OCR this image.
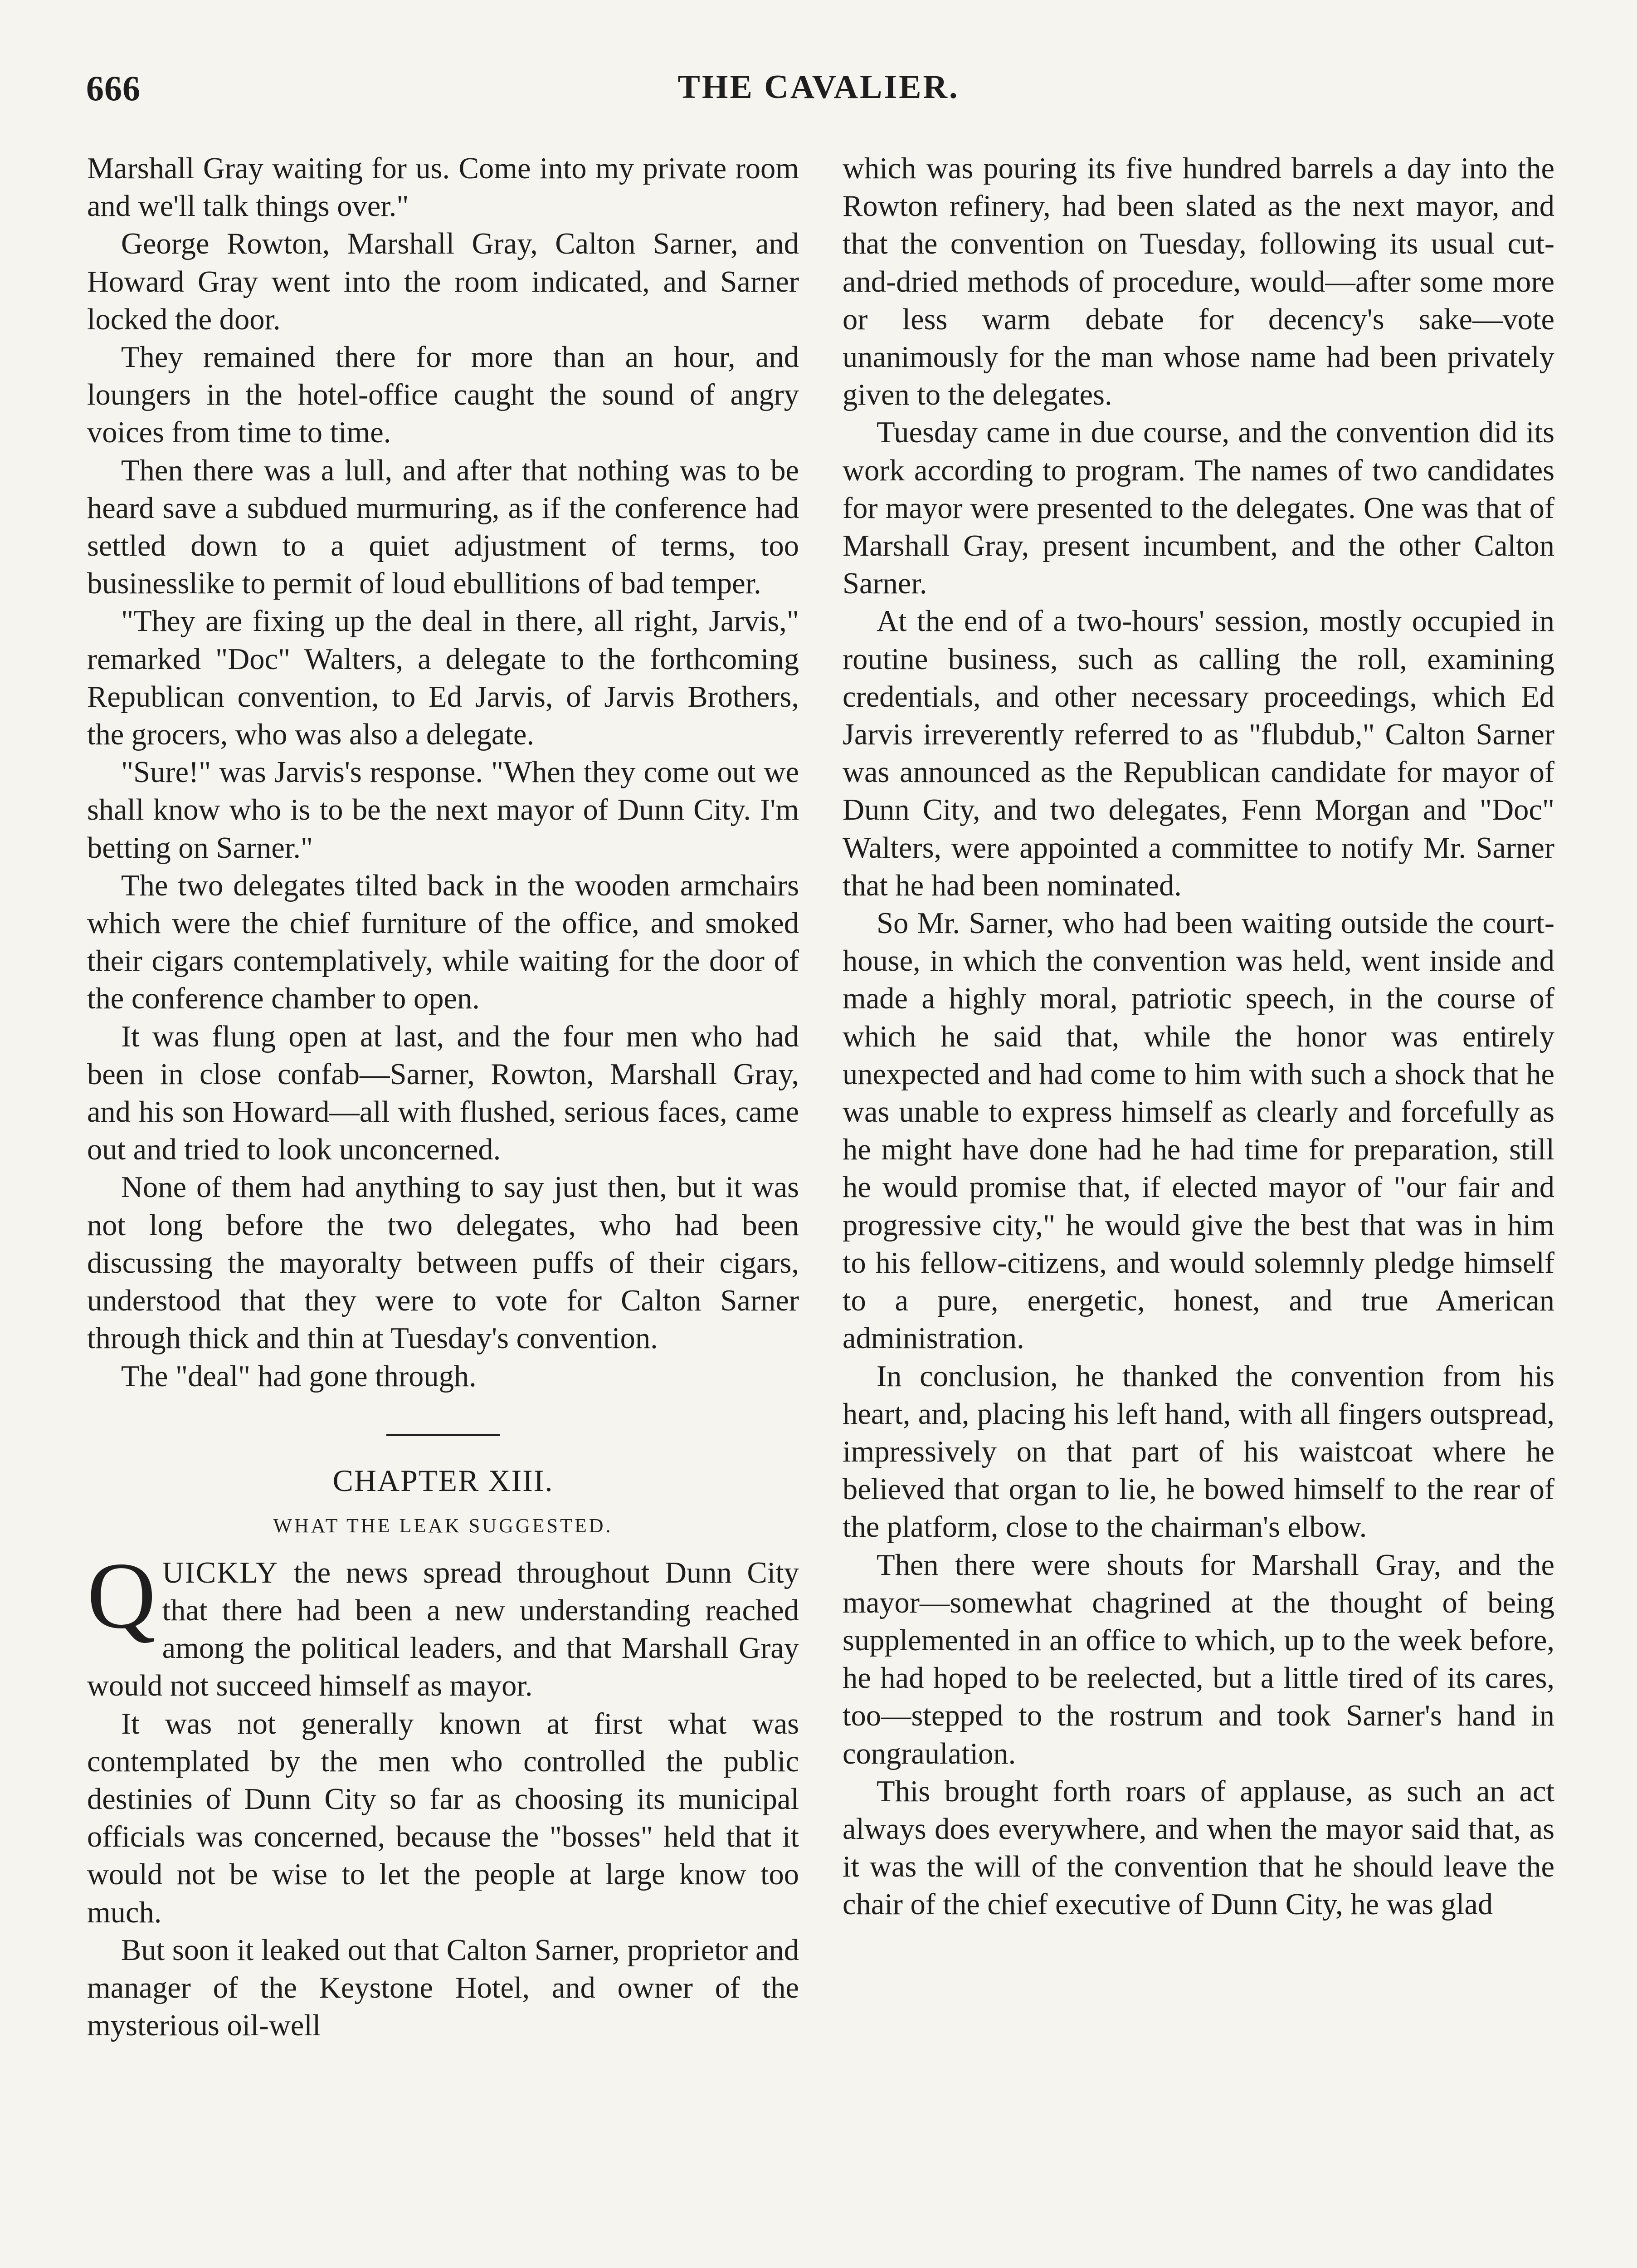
666	THE CAVALIER.

Marshall Gray waiting for us. Come into my private room and we'll talk things over."

George Rowton, Marshall Gray, Calton Sarner, and Howard Gray went into the room indicated, and Sarner locked the door.

They remained there for more than an hour, and loungers in the hotel-office caught the sound of angry voices from time to time.

Then there was a lull, and after that nothing was to be heard save a subdued murmuring, as if the conference had settled down to a quiet adjustment of terms, too businesslike to permit of loud ebullitions of bad temper.

"They are fixing up the deal in there, all right, Jarvis," remarked "Doc" Walters, a delegate to the forthcoming Republican convention, to Ed Jarvis, of Jarvis Brothers, the grocers, who was also a delegate.

"Sure!" was Jarvis's response. "When they come out we shall know who is to be the next mayor of Dunn City. I'm betting on Sarner."

The two delegates tilted back in the wooden armchairs which were the chief furniture of the office, and smoked their cigars contemplatively, while waiting for the door of the conference chamber to open.

It was flung open at last, and the four men who had been in close confab—Sarner, Rowton, Marshall Gray, and his son Howard—all with flushed, serious faces, came out and tried to look unconcerned.

None of them had anything to say just then, but it was not long before the two delegates, who had been discussing the mayoralty between puffs of their cigars, understood that they were to vote for Calton Sarner through thick and thin at Tuesday's convention.

The "deal" had gone through.

CHAPTER XIII.
WHAT THE LEAK SUGGESTED.

QUICKLY the news spread throughout Dunn City that there had been a new understanding reached among the political leaders, and that Marshall Gray would not succeed himself as mayor.

It was not generally known at first what was contemplated by the men who controlled the public destinies of Dunn City so far as choosing its municipal officials was concerned, because the "bosses" held that it would not be wise to let the people at large know too much.

But soon it leaked out that Calton Sarner, proprietor and manager of the Keystone Hotel, and owner of the mysterious oil-well

which was pouring its five hundred barrels a day into the Rowton refinery, had been slated as the next mayor, and that the convention on Tuesday, following its usual cut-and-dried methods of procedure, would—after some more or less warm debate for decency's sake—vote unanimously for the man whose name had been privately given to the delegates.

Tuesday came in due course, and the convention did its work according to program. The names of two candidates for mayor were presented to the delegates. One was that of Marshall Gray, present incumbent, and the other Calton Sarner.

At the end of a two-hours' session, mostly occupied in routine business, such as calling the roll, examining credentials, and other necessary proceedings, which Ed Jarvis irreverently referred to as "flubdub," Calton Sarner was announced as the Republican candidate for mayor of Dunn City, and two delegates, Fenn Morgan and "Doc" Walters, were appointed a committee to notify Mr. Sarner that he had been nominated.

So Mr. Sarner, who had been waiting outside the court-house, in which the convention was held, went inside and made a highly moral, patriotic speech, in the course of which he said that, while the honor was entirely unexpected and had come to him with such a shock that he was unable to express himself as clearly and forcefully as he might have done had he had time for preparation, still he would promise that, if elected mayor of "our fair and progressive city," he would give the best that was in him to his fellow-citizens, and would solemnly pledge himself to a pure, energetic, honest, and true American administration.

In conclusion, he thanked the convention from his heart, and, placing his left hand, with all fingers outspread, impressively on that part of his waistcoat where he believed that organ to lie, he bowed himself to the rear of the platform, close to the chairman's elbow.

Then there were shouts for Marshall Gray, and the mayor—somewhat chagrined at the thought of being supplemented in an office to which, up to the week before, he had hoped to be reelected, but a little tired of its cares, too—stepped to the rostrum and took Sarner's hand in congraulation.

This brought forth roars of applause, as such an act always does everywhere, and when the mayor said that, as it was the will of the convention that he should leave the chair of the chief executive of Dunn City, he was glad
